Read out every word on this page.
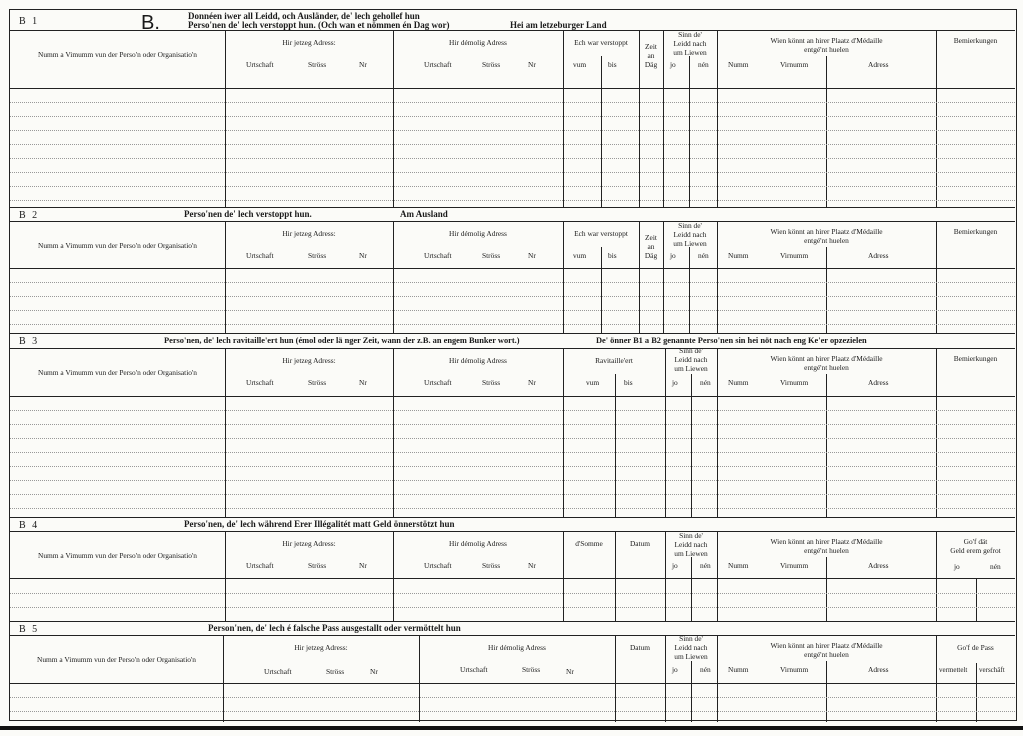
B 1	B.	Donnéen iwer all Leidd, och Ausländer, de' lech gehollef hun
Perso'nen de' lech verstoppt hun. (Och wan et nömmen én Dag wor)	Hei am letzeburger Land
Numm a Vimumm vun der Perso'n oder Organisatio'n
Hir jetzeg Adress:
Urtschaft	Ströss	Nr
Hir démolig Adress
Urtschaft	Ströss	Nr
Ech war verstoppt
vum	bis
Zeit
an
Däg
Sinn de'
Leidd nach
um Liewen
jo	nén
Wien könnt an hirer Plaatz d'Médaille
entgé'nt huelen
Numm	Virnumm	Adress
Bemierkungen
B 2	Perso'nen de' lech verstoppt hun.	Am Ausland
Numm a Vimumm vun der Perso'n oder Organisatio'n
Hir jetzeg Adress:
Urtschaft	Ströss	Nr
Hir démolig Adress
Urtschaft	Ströss	Nr
Ech war verstoppt
vum	bis
Zeit
an
Däg
Sinn de'
Leidd nach
um Liewen
jo	nén
Wien könnt an hirer Plaatz d'Médaille
entgé'nt huelen
Numm	Virnumm	Adress
Bemierkungen
B 3	Perso'nen, de' lech ravitaille'ert hun (émol oder lä nger Zeit, wann der z.B. an engem Bunker wort.)	De' önner B1 a B2 genannte Perso'nen sin hei nöt nach eng Ke'er opzezielen
Numm a Vimumm vun der Perso'n oder Organisatio'n
Hir jetzeg Adress:
Urtschaft	Ströss	Nr
Hir démolig Adress
Urtschaft	Ströss	Nr
Ravitaille'ert
vum	bis
Sinn de'
Leidd nach
um Liewen
jo	nén
Wien könnt an hirer Plaatz d'Médaille
entgé'nt huelen
Numm	Virnumm	Adress
Bemierkungen
B 4	Perso'nen, de' lech während Erer Illégalitét matt Geld önnerstötzt hun
Numm a Vimumm vun der Perso'n oder Organisatio'n
Hir jetzeg Adress:
Urtschaft	Ströss	Nr
Hir démolig Adress
Urtschaft	Ströss	Nr
d'Somme	Datum
Sinn de'
Leidd nach
um Liewen
jo	nén
Wien könnt an hirer Plaatz d'Médaille
entgé'nt huelen
Numm	Virnumm	Adress
Go'f dät
Geld erem gefrot
jo	nén
B 5	Person'nen, de' lech é falsche Pass ausgestallt oder vermöttelt hun
Numm a Vimumm vun der Perso'n oder Organisatio'n
Hir jetzeg Adress:
Urtschaft	Ströss	Nr
Hir démolig Adress
Urtschaft	Ströss	Nr
Datum
Sinn de'
Leidd nach
um Liewen
jo	nén
Wien könnt an hirer Plaatz d'Médaille
entgé'nt huelen
Numm	Virnumm	Adress
Go'f de Pass
vermettelt verschäft
